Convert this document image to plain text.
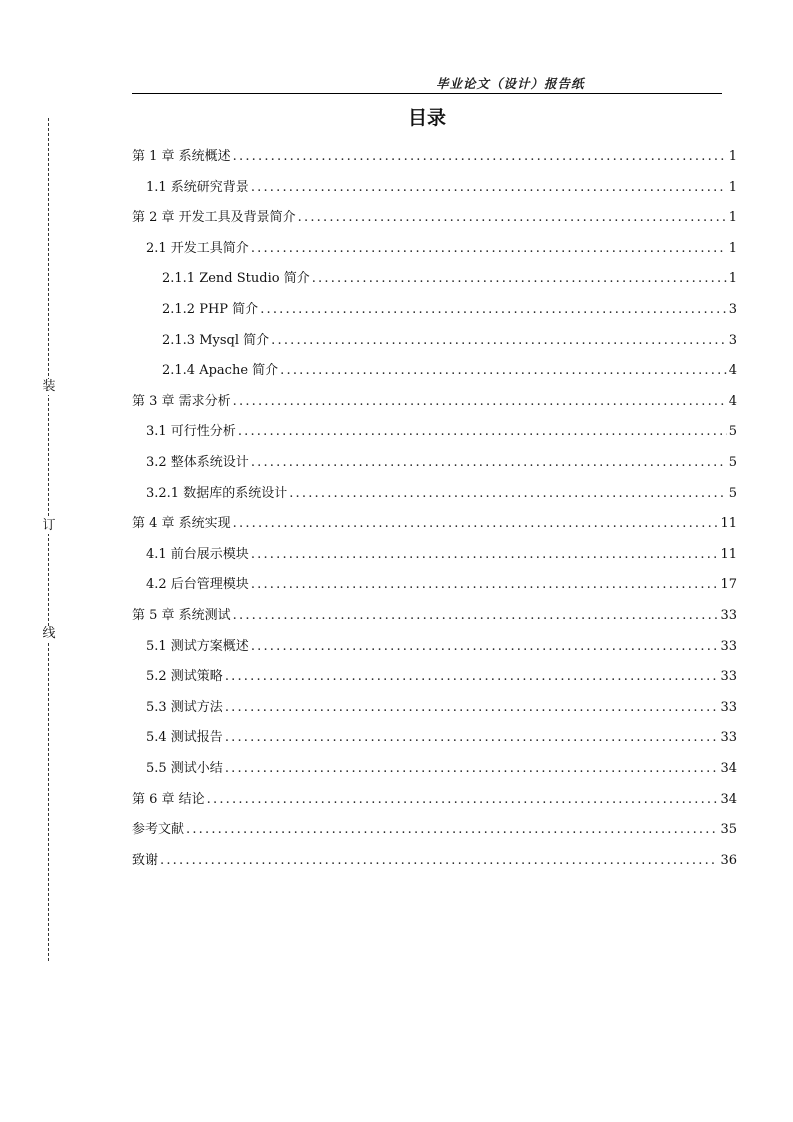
毕业论文（设计）报告纸
装
订
线
目录
第 1 章 系统概述 .....	1
1.1 系统研究背景 .....	1
第 2 章 开发工具及背景简介 .....	1
2.1 开发工具简介 .....	1
2.1.1 Zend Studio 简介 .....	1
2.1.2 PHP 简介 .....	3
2.1.3 Mysql 简介 .....	3
2.1.4 Apache 简介 .....	4
第 3 章 需求分析 .....	4
3.1 可行性分析 .....	5
3.2 整体系统设计 .....	5
3.2.1 数据库的系统设计 .....	5
第 4 章 系统实现 .....	11
4.1 前台展示模块 .....	11
4.2 后台管理模块 .....	17
第 5 章 系统测试 .....	33
5.1 测试方案概述 .....	33
5.2 测试策略 .....	33
5.3 测试方法 .....	33
5.4 测试报告 .....	33
5.5 测试小结 .....	34
第 6 章 结论 .....	34
参考文献 .....	35
致谢 .....	36
